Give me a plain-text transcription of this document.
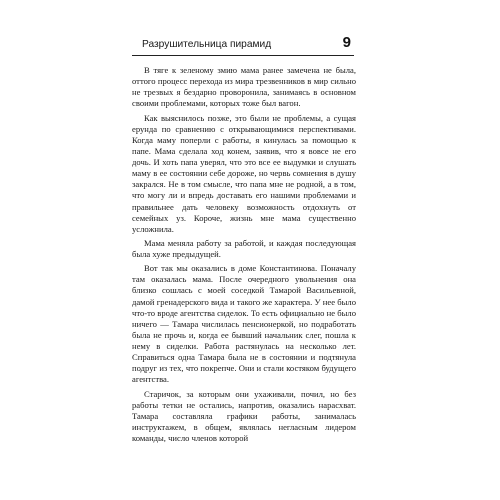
Разрушительница пирамид	9

В тяге к зеленому змию мама ранее замечена не была, оттого процесс перехода из мира трезвенников в мир сильно не трезвых я бездарно проворонила, занимаясь в основном своими проблемами, которых тоже был вагон.

Как выяснилось позже, это были не проблемы, а сущая ерунда по сравнению с открывающимися перспективами. Когда маму поперли с работы, я кинулась за помощью к папе. Мама сделала ход конем, заявив, что я вовсе не его дочь. И хоть папа уверял, что это все ее выдумки и слушать маму в ее состоянии себе дороже, но червь сомнения в душу закрался. Не в том смысле, что папа мне не родной, а в том, что могу ли и впредь доставать его нашими проблемами и правильнее дать человеку возможность отдохнуть от семейных уз. Короче, жизнь мне мама существенно усложнила.

Мама меняла работу за работой, и каждая последующая была хуже предыдущей.

Вот так мы оказались в доме Константинова. Поначалу там оказалась мама. После очередного увольнения она близко сошлась с моей соседкой Тамарой Васильевной, дамой гренадерского вида и такого же характера. У нее было что-то вроде агентства сиделок. То есть официально не было ничего — Тамара числилась пенсионеркой, но подработать была не прочь и, когда ее бывший начальник слег, пошла к нему в сиделки. Работа растянулась на несколько лет. Справиться одна Тамара была не в состоянии и подтянула подруг из тех, что покрепче. Они и стали костяком будущего агентства.

Старичок, за которым они ухаживали, почил, но без работы тетки не остались, напротив, оказались нарасхват. Тамара составляла графики работы, занималась инструктажем, в общем, являлась негласным лидером команды, число членов которой
